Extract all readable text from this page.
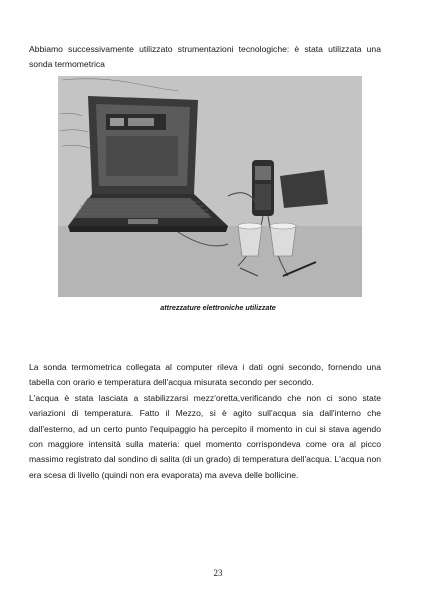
Abbiamo successivamente utilizzato strumentazioni tecnologiche: è stata utilizzata una sonda termometrica
attrezzature elettroniche utilizzate

La sonda termometrica collegata al computer rileva i dati ogni secondo, fornendo una tabella con orario e temperatura dell'acqua misurata secondo per secondo.

L'acqua è stata lasciata a stabilizzarsi mezz'oretta,verificando che non ci sono state variazioni di temperatura. Fatto il Mezzo, si è agito sull'acqua sia dall'interno che dall'esterno, ad un certo punto l'equipaggio ha percepito il momento in cui si stava agendo con maggiore intensità sulla materia: quel momento corrispondeva come ora al picco massimo registrato dal sondino di salita (di un grado) di temperatura dell'acqua. L'acqua non era scesa di livello (quindi non era evaporata) ma aveva delle bollicine.

23
